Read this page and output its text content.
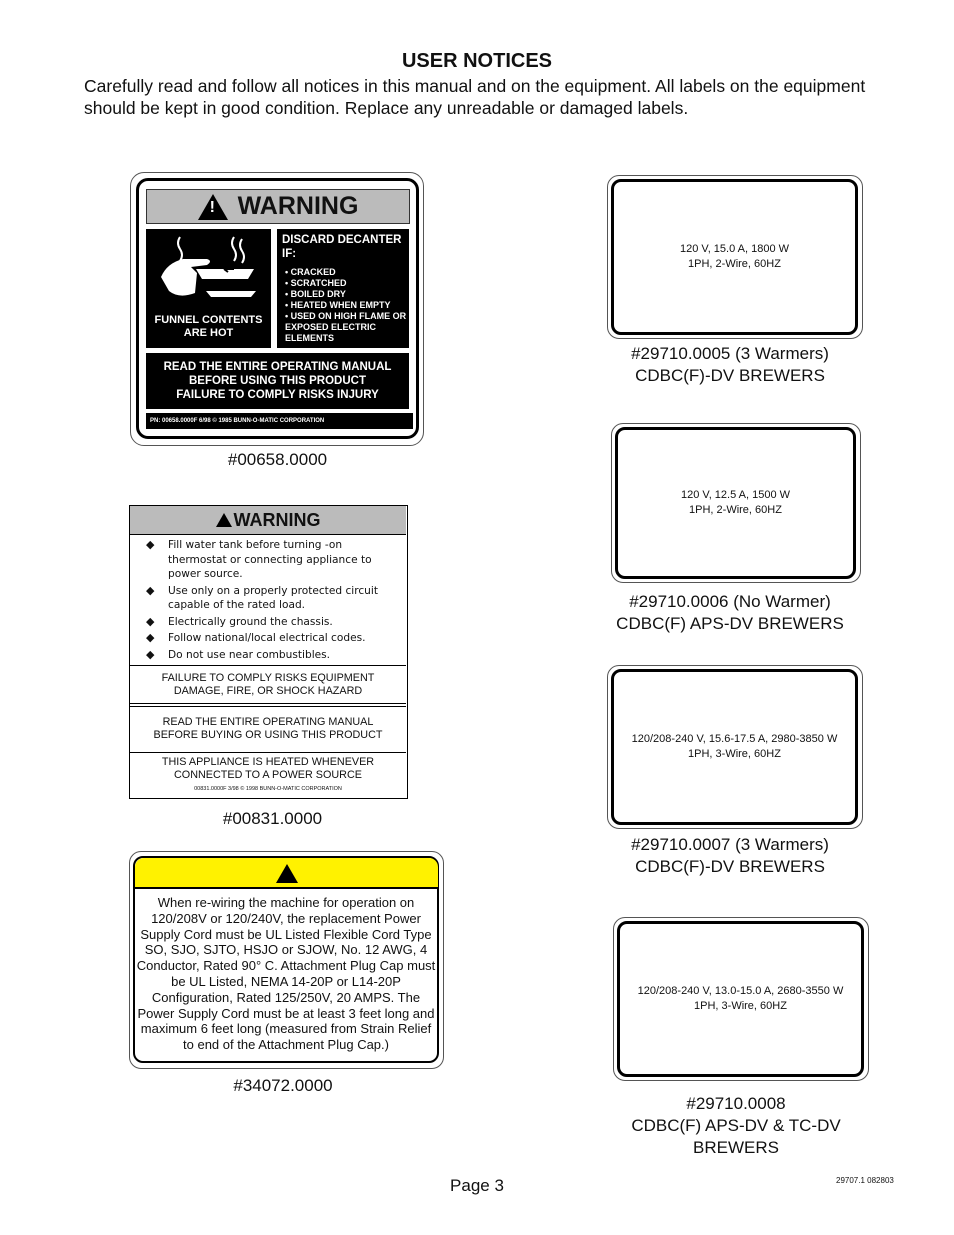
USER NOTICES
Carefully read and follow all notices in this manual and on the equipment. All labels on the equipment should be kept in good condition. Replace any unreadable or damaged labels.
!
WARNING
FUNNEL CONTENTS ARE HOT
DISCARD DECANTER IF:
• CRACKED
• SCRATCHED
• BOILED DRY
• HEATED WHEN EMPTY
• USED ON HIGH FLAME OR EXPOSED ELECTRIC ELEMENTS
READ THE ENTIRE OPERATING MANUAL
BEFORE USING THIS PRODUCT
FAILURE TO COMPLY RISKS INJURY
PN: 00658.0000F 6/98 © 1985 BUNN-O-MATIC CORPORATION
#00658.0000
WARNING
◆ Fill water tank before turning -on thermostat or connecting appliance to power source.
◆ Use only on a properly protected circuit capable of the rated load.
◆ Electrically ground the chassis.
◆ Follow national/local electrical codes.
◆ Do not use near combustibles.
FAILURE TO COMPLY RISKS EQUIPMENT
DAMAGE, FIRE, OR SHOCK HAZARD
READ THE ENTIRE OPERATING MANUAL
BEFORE BUYING OR USING THIS PRODUCT
THIS APPLIANCE IS HEATED WHENEVER
CONNECTED TO A POWER SOURCE
00831.0000F 3/98 © 1998 BUNN-O-MATIC CORPORATION
#00831.0000
When re-wiring the machine for operation on 120/208V or 120/240V, the replacement Power Supply Cord must be UL Listed Flexible Cord Type SO, SJO, SJTO, HSJO or SJOW, No. 12 AWG, 4 Conductor, Rated 90° C. Attachment Plug Cap must be UL Listed, NEMA 14-20P or L14-20P Configuration, Rated 125/250V, 20 AMPS. The Power Supply Cord must be at least 3 feet long and maximum 6 feet long (measured from Strain Relief to end of the Attachment Plug Cap.)
#34072.0000
120 V, 15.0 A, 1800 W
1PH, 2-Wire, 60HZ
#29710.0005 (3 Warmers)
CDBC(F)-DV BREWERS
120 V, 12.5 A, 1500 W
1PH, 2-Wire, 60HZ
#29710.0006 (No Warmer)
CDBC(F) APS-DV BREWERS
120/208-240 V, 15.6-17.5 A, 2980-3850 W
1PH, 3-Wire, 60HZ
#29710.0007 (3 Warmers)
CDBC(F)-DV BREWERS
120/208-240 V, 13.0-15.0 A, 2680-3550 W
1PH, 3-Wire, 60HZ
#29710.0008
CDBC(F) APS-DV & TC-DV
BREWERS
Page 3	29707.1 082803
